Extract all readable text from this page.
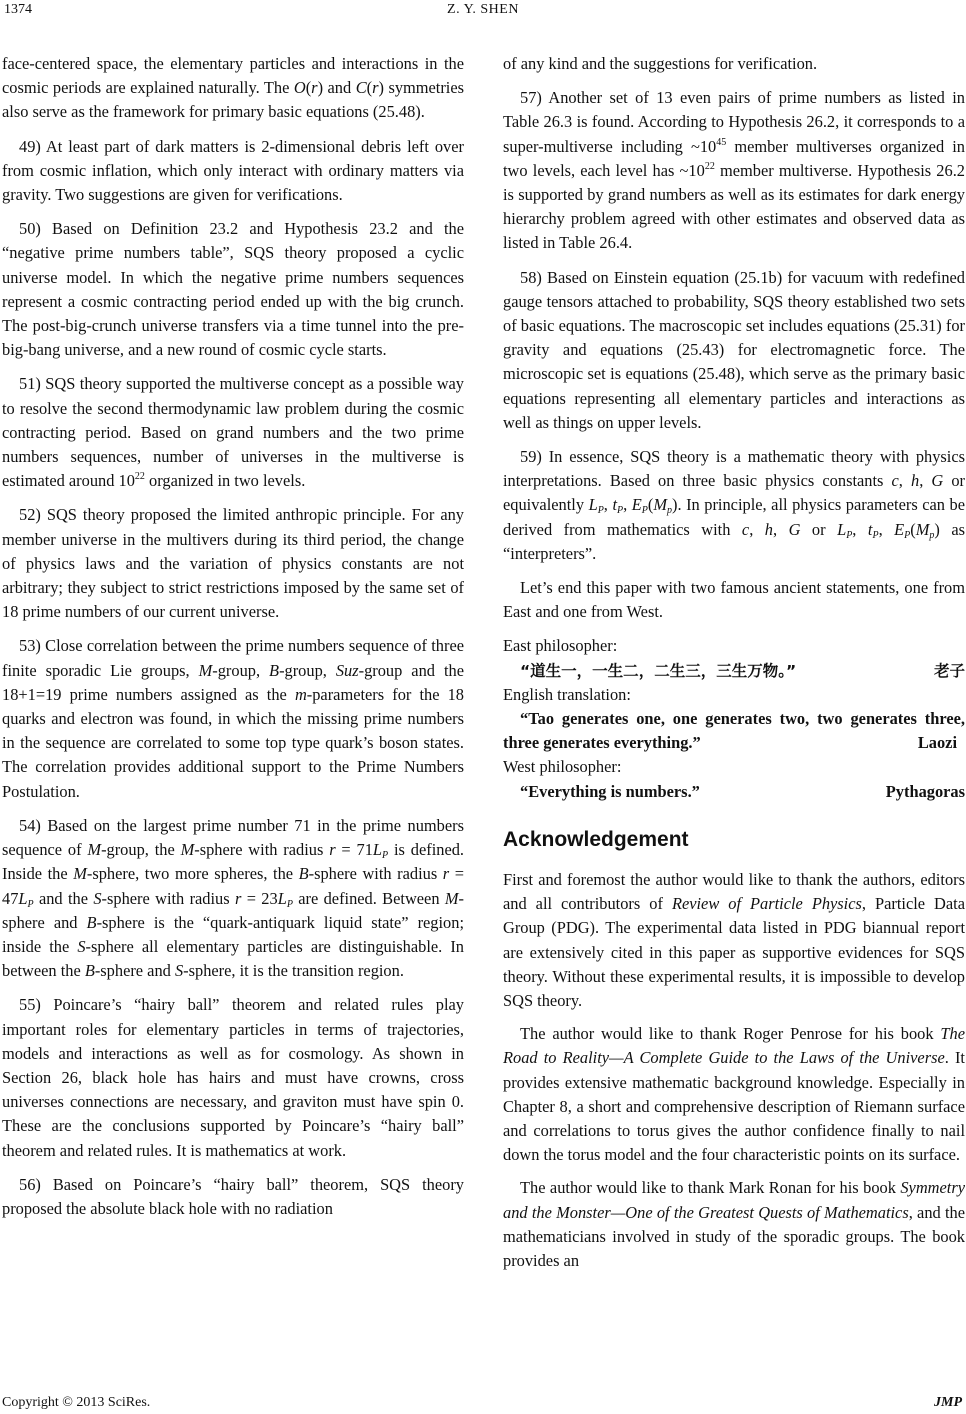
1374	Z. Y. SHEN

face-centered space, the elementary particles and interactions in the cosmic periods are explained naturally. The O(r) and C(r) symmetries also serve as the framework for primary basic equations (25.48).

49) At least part of dark matters is 2-dimensional debris left over from cosmic inflation, which only interact with ordinary matters via gravity. Two suggestions are given for verifications.

50) Based on Definition 23.2 and Hypothesis 23.2 and the “negative prime numbers table”, SQS theory proposed a cyclic universe model. In which the negative prime numbers sequences represent a cosmic contracting period ended up with the big crunch. The post-big-crunch universe transfers via a time tunnel into the pre-big-bang universe, and a new round of cosmic cycle starts.

51) SQS theory supported the multiverse concept as a possible way to resolve the second thermodynamic law problem during the cosmic contracting period. Based on grand numbers and the two prime numbers sequences, number of universes in the multiverse is estimated around $10^{22}$ organized in two levels.

52) SQS theory proposed the limited anthropic principle. For any member universe in the multivers during its third period, the change of physics laws and the variation of physics constants are not arbitrary; they subject to strict restrictions imposed by the same set of 18 prime numbers of our current universe.

53) Close correlation between the prime numbers sequence of three finite sporadic Lie groups, M-group, B-group, Suz-group and the 18+1=19 prime numbers assigned as the m-parameters for the 18 quarks and electron was found, in which the missing prime numbers in the sequence are correlated to some top type quark’s boson states. The correlation provides additional support to the Prime Numbers Postulation.

54) Based on the largest prime number 71 in the prime numbers sequence of M-group, the M-sphere with radius $r = 71L_P$ is defined. Inside the M-sphere, two more spheres, the B-sphere with radius $r = 47L_P$ and the S-sphere with radius $r = 23L_P$ are defined. Between M-sphere and B-sphere is the “quark-antiquark liquid state” region; inside the S-sphere all elementary particles are distinguishable. In between the B-sphere and S-sphere, it is the transition region.

55) Poincare’s “hairy ball” theorem and related rules play important roles for elementary particles in terms of trajectories, models and interactions as well as for cosmology. As shown in Section 26, black hole has hairs and must have crowns, cross universes connections are necessary, and graviton must have spin 0. These are the conclusions supported by Poincare’s “hairy ball” theorem and related rules. It is mathematics at work.

56) Based on Poincare’s “hairy ball” theorem, SQS theory proposed the absolute black hole with no radiation

of any kind and the suggestions for verification.

57) Another set of 13 even pairs of prime numbers as listed in Table 26.3 is found. According to Hypothesis 26.2, it corresponds to a super-multiverse including $\sim 10^{45}$ member multiverses organized in two levels, each level has $\sim 10^{22}$ member multiverse. Hypothesis 26.2 is supported by grand numbers as well as its estimates for dark energy hierarchy problem agreed with other estimates and observed data as listed in Table 26.4.

58) Based on Einstein equation (25.1b) for vacuum with redefined gauge tensors attached to probability, SQS theory established two sets of basic equations. The macroscopic set includes equations (25.31) for gravity and equations (25.43) for electromagnetic force. The microscopic set is equations (25.48), which serve as the primary basic equations representing all elementary particles and interactions as well as things on upper levels.

59) In essence, SQS theory is a mathematic theory with physics interpretations. Based on three basic physics constants c, h, G or equivalently $L_P$, $t_P$, $E_P(M_p)$. In principle, all physics parameters can be derived from mathematics with c, h, G or $L_P$, $t_P$, $E_P(M_p)$ as “interpreters”.

Let’s end this paper with two famous ancient statements, one from East and one from West.

East philosopher:

“道生一，一生二，二生三，三生万物。”	老子

English translation:

“Tao generates one, one generates two, two generates three, three generates everything.”	Laozi

West philosopher:

“Everything is numbers.”	Pythagoras
Acknowledgement

First and foremost the author would like to thank the authors, editors and all contributors of Review of Particle Physics, Particle Data Group (PDG). The experimental data listed in PDG biannual report are extensively cited in this paper as supportive evidences for SQS theory. Without these experimental results, it is impossible to develop SQS theory.

The author would like to thank Roger Penrose for his book The Road to Reality—A Complete Guide to the Laws of the Universe. It provides extensive mathematic background knowledge. Especially in Chapter 8, a short and comprehensive description of Riemann surface and correlations to torus gives the author confidence finally to nail down the torus model and the four characteristic points on its surface.

The author would like to thank Mark Ronan for his book Symmetry and the Monster—One of the Greatest Quests of Mathematics, and the mathematicians involved in study of the sporadic groups. The book provides an

Copyright © 2013 SciRes.	JMP
